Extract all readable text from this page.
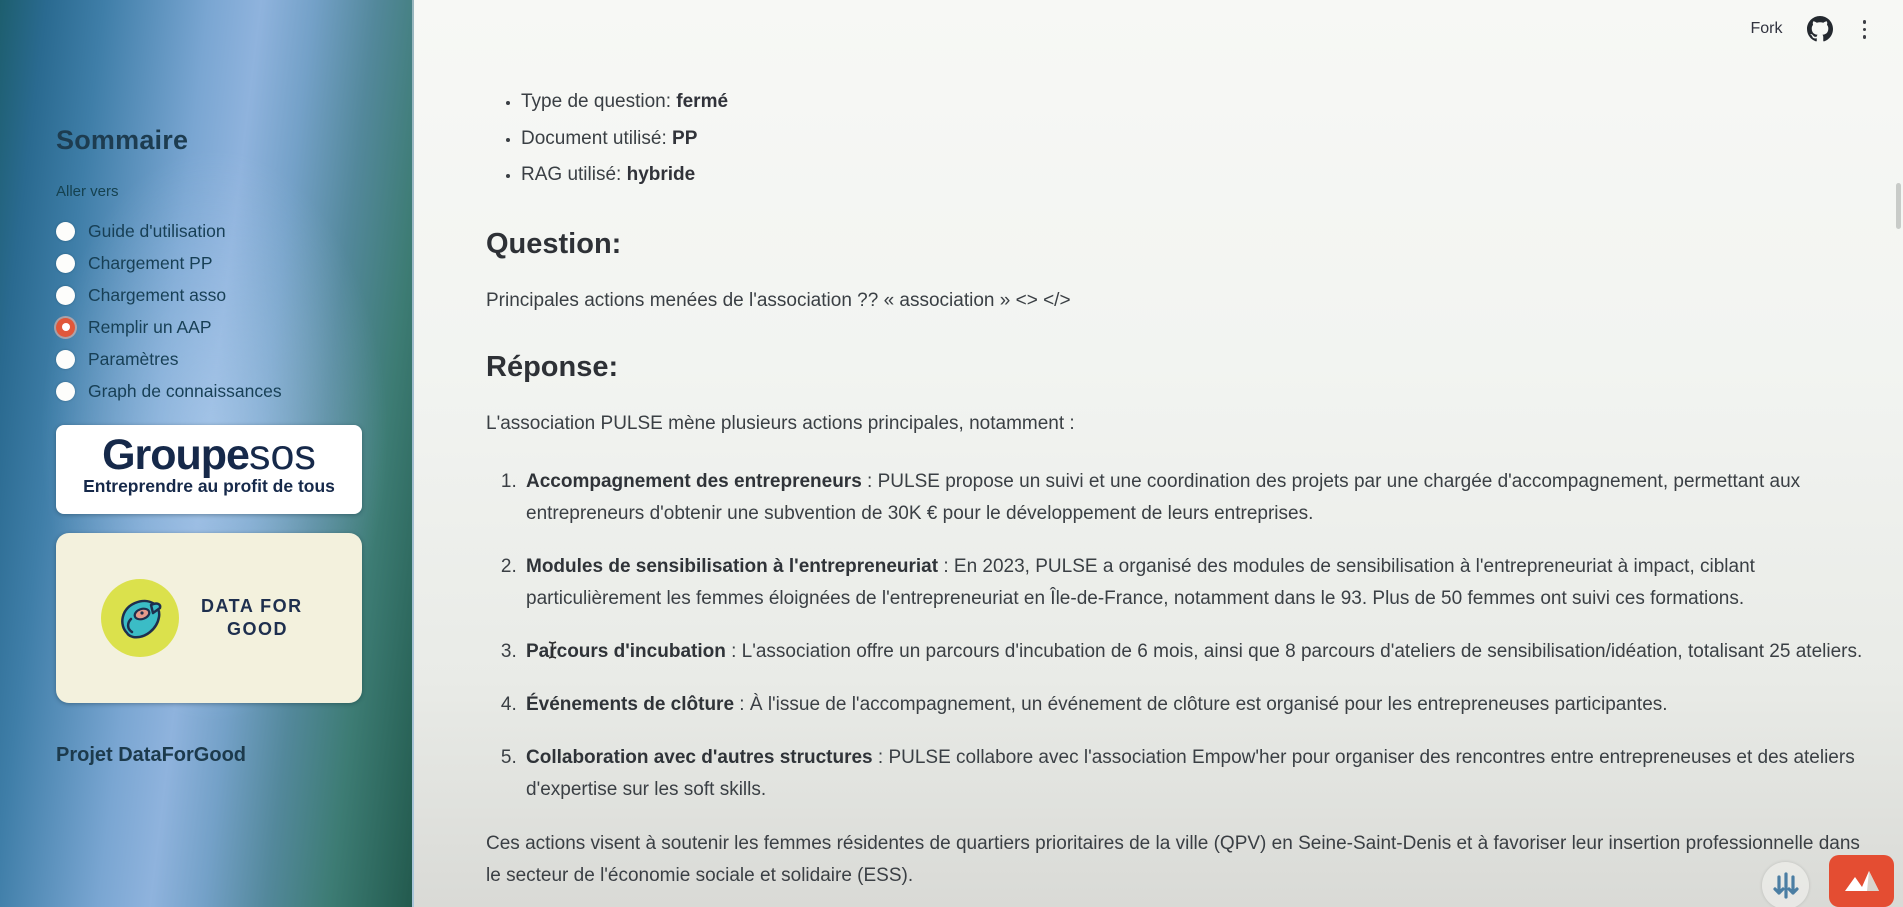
Sommaire
Aller vers
Guide d'utilisation
Chargement PP
Chargement asso
Remplir un AAP
Paramètres
Graph de connaissances
Groupesos
Entreprendre au profit de tous
DATA FOR
GOOD
Projet DataForGood
Fork
• Type de question: fermé
• Document utilisé: PP
• RAG utilisé: hybride
Question:

Principales actions menées de l'association ?? « association » <> </>

Réponse:

L'association PULSE mène plusieurs actions principales, notamment :

1. Accompagnement des entrepreneurs : PULSE propose un suivi et une coordination des projets par une chargée d'accompagnement, permettant aux entrepreneurs d'obtenir une subvention de 30K € pour le développement de leurs entreprises.
2. Modules de sensibilisation à l'entrepreneuriat : En 2023, PULSE a organisé des modules de sensibilisation à l'entrepreneuriat à impact, ciblant particulièrement les femmes éloignées de l'entrepreneuriat en Île-de-France, notamment dans le 93. Plus de 50 femmes ont suivi ces formations.
3. Parcours d'incubation : L'association offre un parcours d'incubation de 6 mois, ainsi que 8 parcours d'ateliers de sensibilisation/idéation, totalisant 25 ateliers.
4. Événements de clôture : À l'issue de l'accompagnement, un événement de clôture est organisé pour les entrepreneuses participantes.
5. Collaboration avec d'autres structures : PULSE collabore avec l'association Empow'her pour organiser des rencontres entre entrepreneuses et des ateliers d'expertise sur les soft skills.

Ces actions visent à soutenir les femmes résidentes de quartiers prioritaires de la ville (QPV) en Seine-Saint-Denis et à favoriser leur insertion professionnelle dans le secteur de l'économie sociale et solidaire (ESS).
